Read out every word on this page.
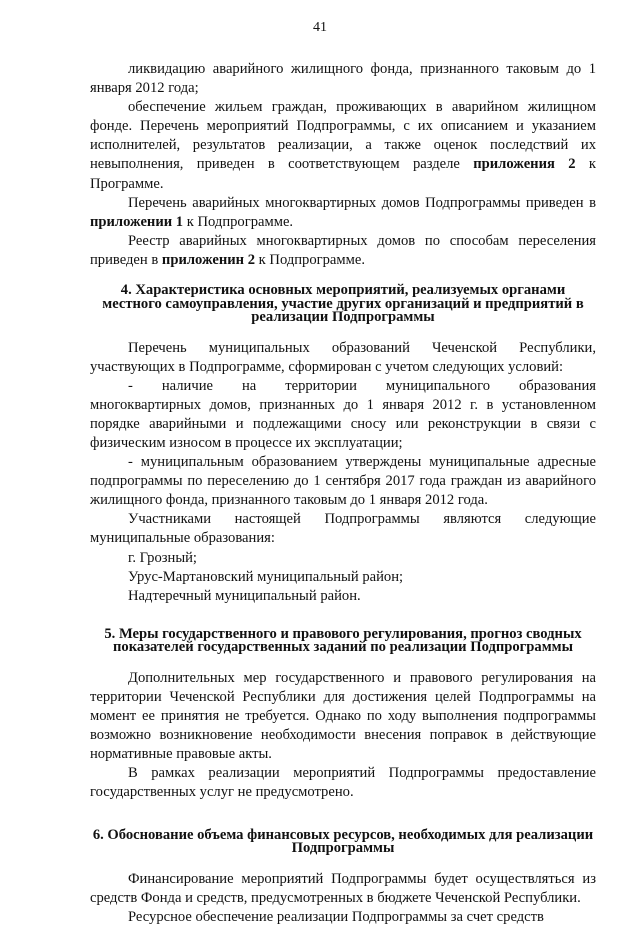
41

ликвидацию аварийного жилищного фонда, признанного таковым до 1 января 2012 года;

обеспечение жильем граждан, проживающих в аварийном жилищном фонде. Перечень мероприятий Подпрограммы, с их описанием и указанием исполнителей, результатов реализации, а также оценок последствий их невыполнения, приведен в соответствующем разделе приложения 2 к Программе.

Перечень аварийных многоквартирных домов Подпрограммы приведен в приложении 1 к Подпрограмме.

Реестр аварийных многоквартирных домов по способам переселения приведен в приложенин 2 к Подпрограмме.

4. Характеристика основных мероприятий, реализуемых органами местного самоуправления, участие других организаций и предприятий в реализации Подпрограммы

Перечень муниципальных образований Чеченской Республики, участвующих в Подпрограмме, сформирован с учетом следующих условий:

- наличие на территории муниципального образования

многоквартирных домов, признанных до 1 января 2012 г. в установленном порядке аварийными и подлежащими сносу или реконструкции в связи с физическим износом в процессе их эксплуатации;

- муниципальным образованием утверждены муниципальные адресные подпрограммы по переселению до 1 сентября 2017 года граждан из аварийного жилищного фонда, признанного таковым до 1 января 2012 года.

Участниками настоящей Подпрограммы являются следующие муниципальные образования:

г. Грозный;

Урус-Мартановский муниципальный район;

Надтеречный муниципальный район.

5. Меры государственного и правового регулирования, прогноз сводных показателей государственных заданий по реализации Подпрограммы

Дополнительных мер государственного и правового регулирования на территории Чеченской Республики для достижения целей Подпрограммы на момент ее принятия не требуется. Однако по ходу выполнения подпрограммы возможно возникновение необходимости внесения поправок в действующие нормативные правовые акты.

В рамках реализации мероприятий Подпрограммы предоставление государственных услуг не предусмотрено.

6. Обоснование объема финансовых ресурсов, необходимых для реализации Подпрограммы

Финансирование мероприятий Подпрограммы будет осуществляться из средств Фонда и средств, предусмотренных в бюджете Чеченской Республики.

Ресурсное обеспечение реализации Подпрограммы за счет средств
